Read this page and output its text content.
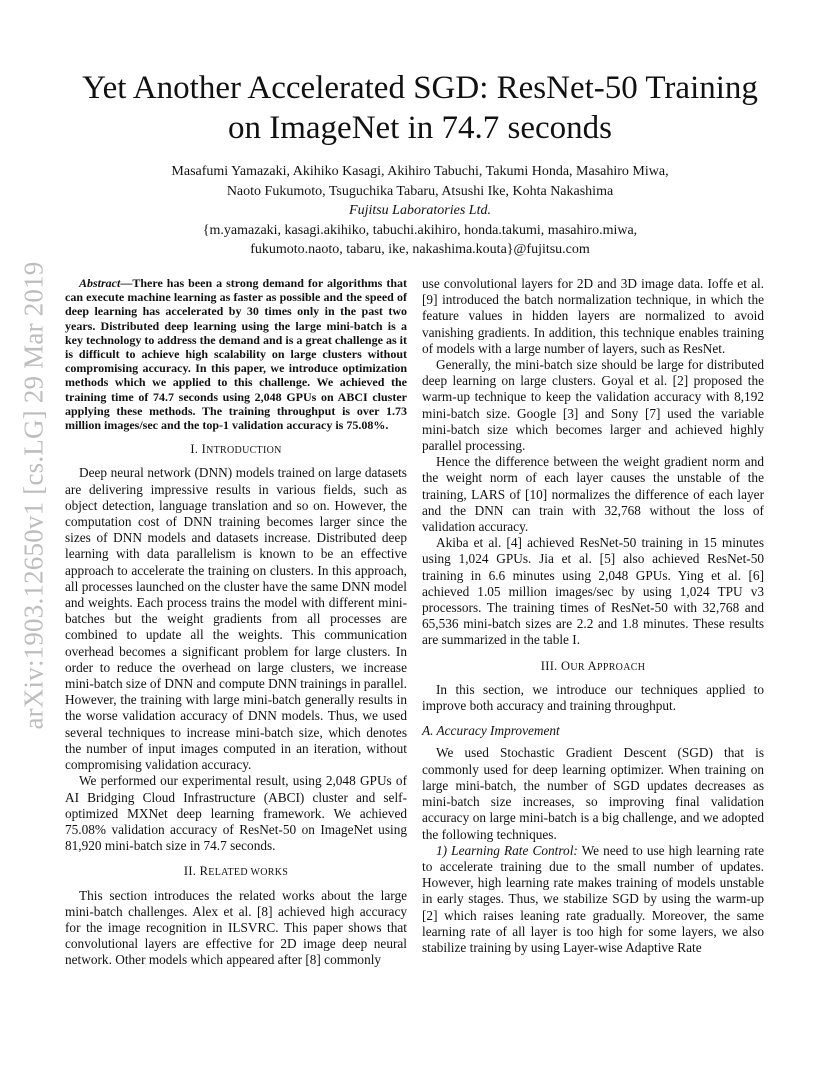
arXiv:1903.12650v1 [cs.LG] 29 Mar 2019
Yet Another Accelerated SGD: ResNet-50 Training
on ImageNet in 74.7 seconds
Masafumi Yamazaki, Akihiko Kasagi, Akihiro Tabuchi, Takumi Honda, Masahiro Miwa,
Naoto Fukumoto, Tsuguchika Tabaru, Atsushi Ike, Kohta Nakashima
Fujitsu Laboratories Ltd.
{m.yamazaki, kasagi.akihiko, tabuchi.akihiro, honda.takumi, masahiro.miwa,
fukumoto.naoto, tabaru, ike, nakashima.kouta}@fujitsu.com

Abstract—There has been a strong demand for algorithms that can execute machine learning as faster as possible and the speed of deep learning has accelerated by 30 times only in the past two years. Distributed deep learning using the large mini-batch is a key technology to address the demand and is a great challenge as it is difficult to achieve high scalability on large clusters without compromising accuracy. In this paper, we introduce optimization methods which we applied to this challenge. We achieved the training time of 74.7 seconds using 2,048 GPUs on ABCI cluster applying these methods. The training throughput is over 1.73 million images/sec and the top-1 validation accuracy is 75.08%.

I. INTRODUCTION

Deep neural network (DNN) models trained on large datasets are delivering impressive results in various fields, such as object detection, language translation and so on. However, the computation cost of DNN training becomes larger since the sizes of DNN models and datasets increase. Distributed deep learning with data parallelism is known to be an effective approach to accelerate the training on clusters. In this approach, all processes launched on the cluster have the same DNN model and weights. Each process trains the model with different mini-batches but the weight gradients from all processes are combined to update all the weights. This communication overhead becomes a significant problem for large clusters. In order to reduce the overhead on large clusters, we increase mini-batch size of DNN and compute DNN trainings in parallel. However, the training with large mini-batch generally results in the worse validation accuracy of DNN models. Thus, we used several techniques to increase mini-batch size, which denotes the number of input images computed in an iteration, without compromising validation accuracy.

We performed our experimental result, using 2,048 GPUs of AI Bridging Cloud Infrastructure (ABCI) cluster and self-optimized MXNet deep learning framework. We achieved 75.08% validation accuracy of ResNet-50 on ImageNet using 81,920 mini-batch size in 74.7 seconds.

II. RELATED WORKS

This section introduces the related works about the large mini-batch challenges. Alex et al. [8] achieved high accuracy for the image recognition in ILSVRC. This paper shows that convolutional layers are effective for 2D image deep neural network. Other models which appeared after [8] commonly

use convolutional layers for 2D and 3D image data. Ioffe et al. [9] introduced the batch normalization technique, in which the feature values in hidden layers are normalized to avoid vanishing gradients. In addition, this technique enables training of models with a large number of layers, such as ResNet.

Generally, the mini-batch size should be large for distributed deep learning on large clusters. Goyal et al. [2] proposed the warm-up technique to keep the validation accuracy with 8,192 mini-batch size. Google [3] and Sony [7] used the variable mini-batch size which becomes larger and achieved highly parallel processing.

Hence the difference between the weight gradient norm and the weight norm of each layer causes the unstable of the training, LARS of [10] normalizes the difference of each layer and the DNN can train with 32,768 without the loss of validation accuracy.

Akiba et al. [4] achieved ResNet-50 training in 15 minutes using 1,024 GPUs. Jia et al. [5] also achieved ResNet-50 training in 6.6 minutes using 2,048 GPUs. Ying et al. [6] achieved 1.05 million images/sec by using 1,024 TPU v3 processors. The training times of ResNet-50 with 32,768 and 65,536 mini-batch sizes are 2.2 and 1.8 minutes. These results are summarized in the table I.

III. OUR APPROACH

In this section, we introduce our techniques applied to improve both accuracy and training throughput.

A. Accuracy Improvement

We used Stochastic Gradient Descent (SGD) that is commonly used for deep learning optimizer. When training on large mini-batch, the number of SGD updates decreases as mini-batch size increases, so improving final validation accuracy on large mini-batch is a big challenge, and we adopted the following techniques.

1) Learning Rate Control: We need to use high learning rate to accelerate training due to the small number of updates. However, high learning rate makes training of models unstable in early stages. Thus, we stabilize SGD by using the warm-up [2] which raises leaning rate gradually. Moreover, the same learning rate of all layer is too high for some layers, we also stabilize training by using Layer-wise Adaptive Rate
